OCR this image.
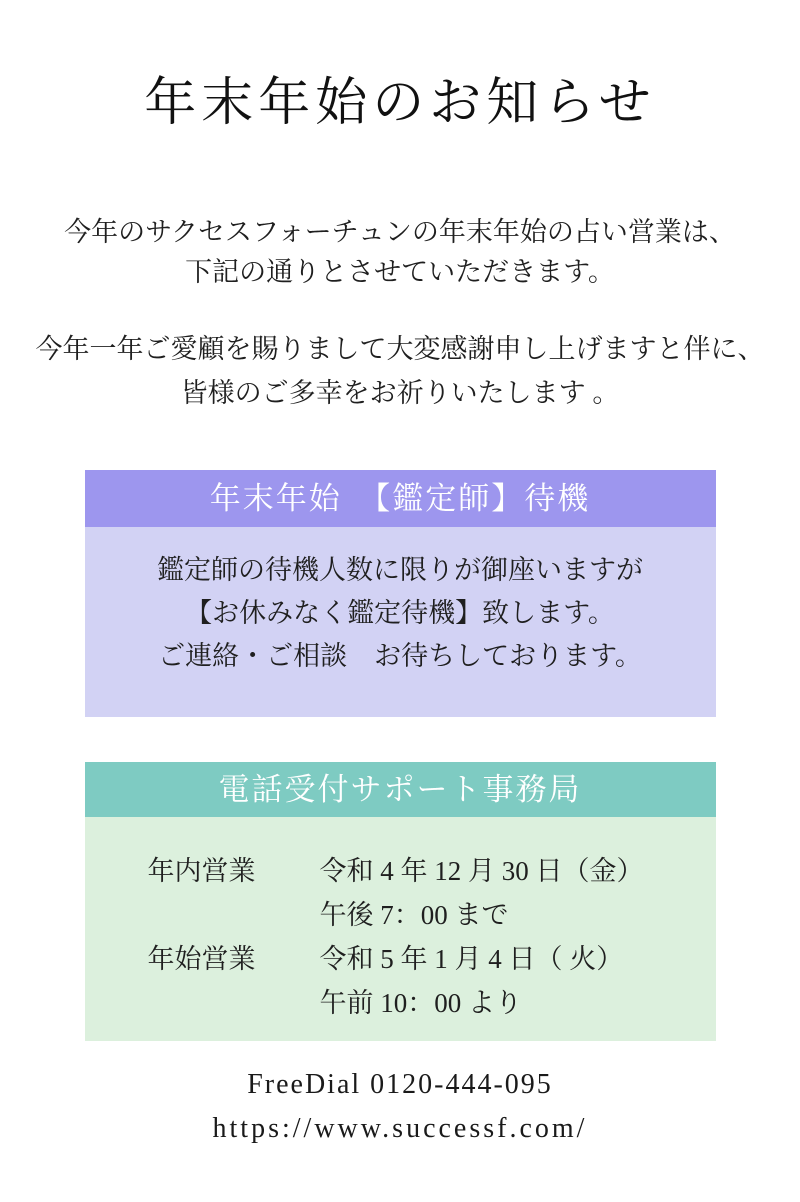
年末年始のお知らせ

今年のサクセスフォーチュンの年末年始の占い営業は、
下記の通りとさせていただきます。

今年一年ご愛顧を賜りまして大変感謝申し上げますと伴に、
皆様のご多幸をお祈りいたします 。

年末年始　【鑑定師】待機
鑑定師の待機人数に限りが御座いますが
【お休みなく鑑定待機】致します。
ご連絡・ご相談　お待ちしております。
電話受付サポート事務局
年内営業	令和 4 年 12 月 30 日（金）
午後 7：00 まで
年始営業	令和 5 年 1 月 4 日（ 火）
午前 10：00 より
FreeDial 0120-444-095
https://www.successf.com/
